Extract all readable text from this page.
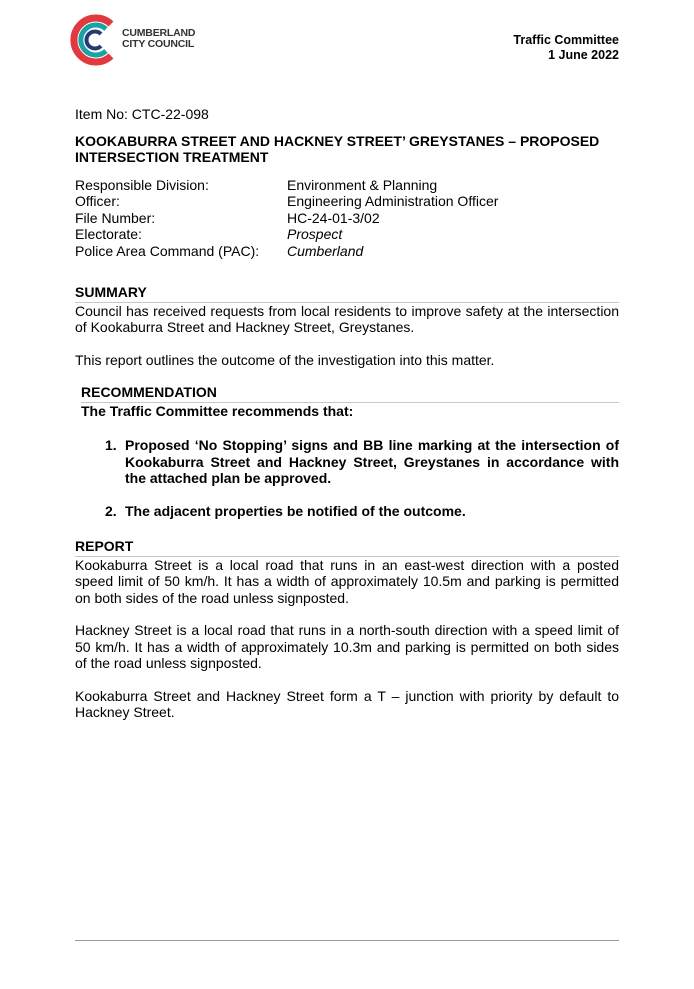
CUMBERLAND
CITY COUNCIL	Traffic Committee
1 June 2022
Item No: CTC-22-098
KOOKABURRA STREET AND HACKNEY STREET’ GREYSTANES – PROPOSED INTERSECTION TREATMENT
Responsible Division:	Environment & Planning
Officer:	Engineering Administration Officer
File Number:	HC-24-01-3/02
Electorate:	Prospect
Police Area Command (PAC):	Cumberland
SUMMARY

Council has received requests from local residents to improve safety at the intersection of Kookaburra Street and Hackney Street, Greystanes.

This report outlines the outcome of the investigation into this matter.

RECOMMENDATION
The Traffic Committee recommends that:
1. Proposed ‘No Stopping’ signs and BB line marking at the intersection of Kookaburra Street and Hackney Street, Greystanes in accordance with the attached plan be approved.
2. The adjacent properties be notified of the outcome.
REPORT

Kookaburra Street is a local road that runs in an east-west direction with a posted speed limit of 50 km/h. It has a width of approximately 10.5m and parking is permitted on both sides of the road unless signposted.

Hackney Street is a local road that runs in a north-south direction with a speed limit of 50 km/h. It has a width of approximately 10.3m and parking is permitted on both sides of the road unless signposted.

Kookaburra Street and Hackney Street form a T – junction with priority by default to Hackney Street.
